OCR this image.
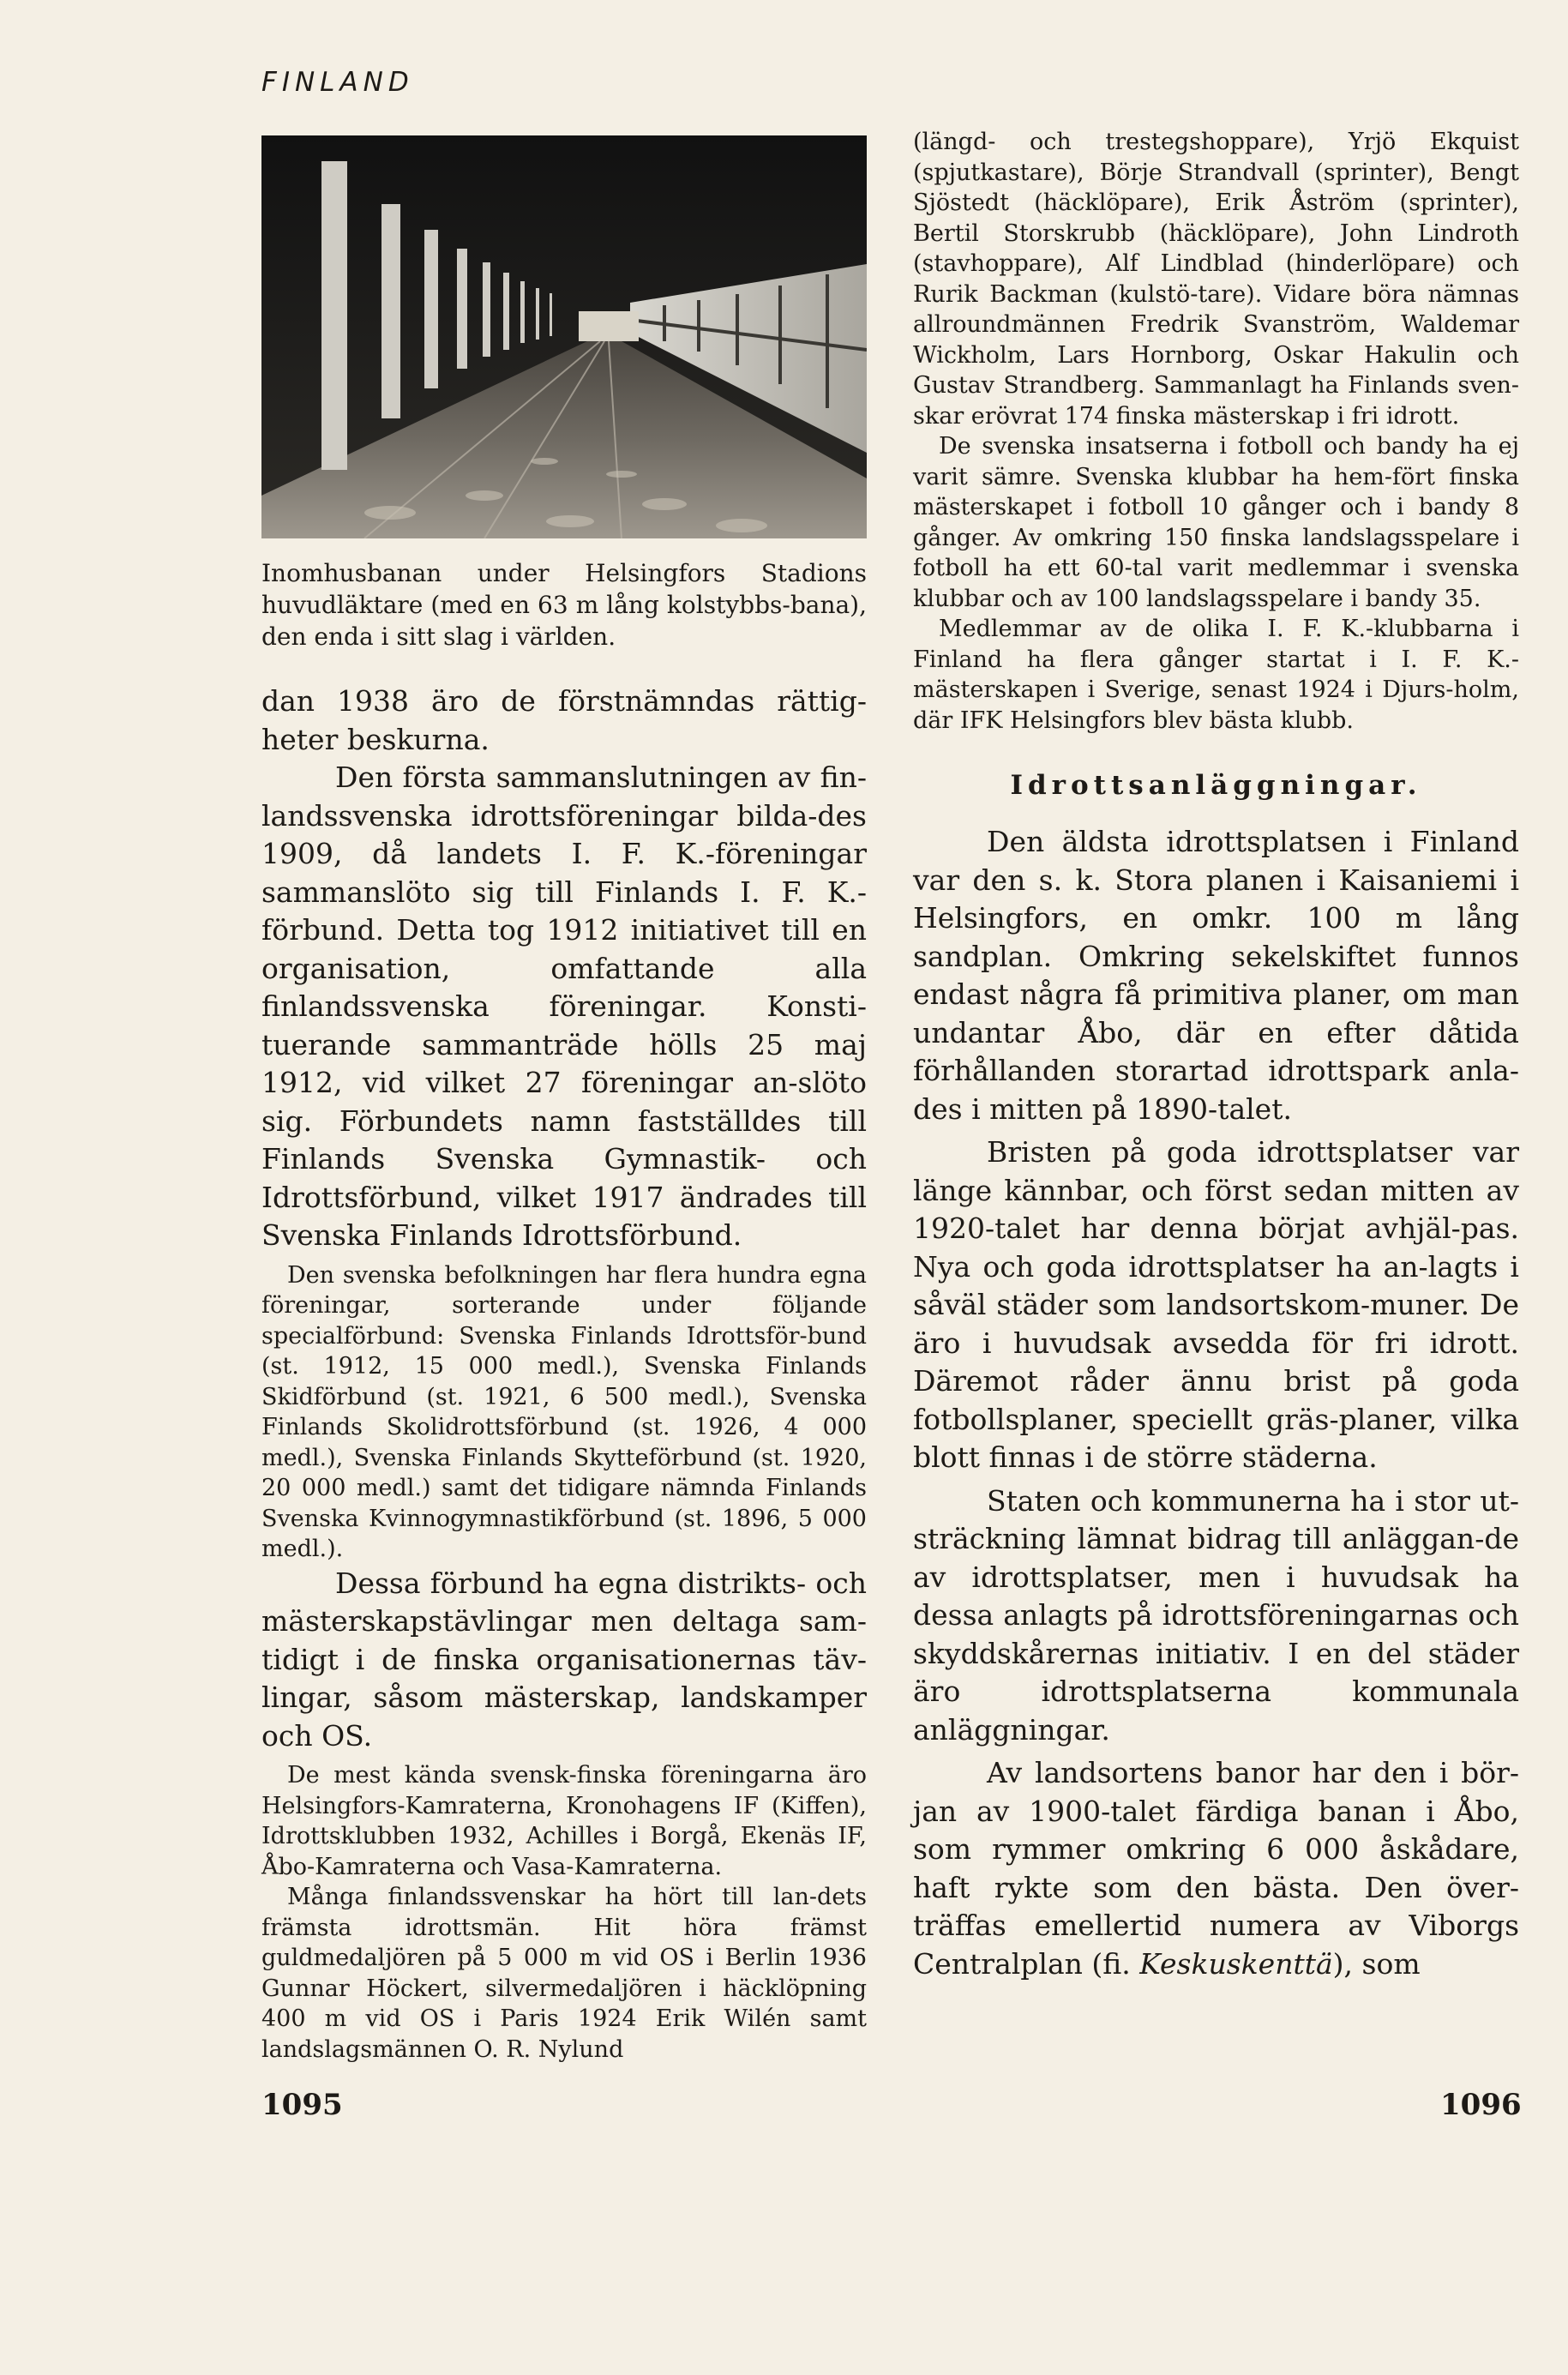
FINLAND
Inomhusbanan under Helsingfors Stadions huvudläktare (med en 63 m lång kolstybbs-bana), den enda i sitt slag i världen.

dan 1938 äro de förstnämndas rättig-heter beskurna.

Den första sammanslutningen av fin-landssvenska idrottsföreningar bilda-des 1909, då landets I. F. K.-föreningar sammanslöto sig till Finlands I. F. K.-förbund. Detta tog 1912 initiativet till en organisation, omfattande alla finlandssvenska föreningar. Konsti-tuerande sammanträde hölls 25 maj 1912, vid vilket 27 föreningar an-slöto sig. Förbundets namn fastställdes till Finlands Svenska Gymnastik- och Idrottsförbund, vilket 1917 ändrades till Svenska Finlands Idrottsförbund.

Den svenska befolkningen har flera hundra egna föreningar, sorterande under följande specialförbund: Svenska Finlands Idrottsför-bund (st. 1912, 15 000 medl.), Svenska Finlands Skidförbund (st. 1921, 6 500 medl.), Svenska Finlands Skolidrottsförbund (st. 1926, 4 000 medl.), Svenska Finlands Skytteförbund (st. 1920, 20 000 medl.) samt det tidigare nämnda Finlands Svenska Kvinnogymnastikförbund (st. 1896, 5 000 medl.).

Dessa förbund ha egna distrikts- och mästerskapstävlingar men deltaga sam-tidigt i de finska organisationernas täv-lingar, såsom mästerskap, landskamper och OS.

De mest kända svensk-finska föreningarna äro Helsingfors-Kamraterna, Kronohagens IF (Kiffen), Idrottsklubben 1932, Achilles i Borgå, Ekenäs IF, Åbo-Kamraterna och Vasa-Kamraterna.

Många finlandssvenskar ha hört till lan-dets främsta idrottsmän. Hit höra främst guldmedaljören på 5 000 m vid OS i Berlin 1936 Gunnar Höckert, silvermedaljören i häcklöpning 400 m vid OS i Paris 1924 Erik Wilén samt landslagsmännen O. R. Nylund

(längd- och trestegshoppare), Yrjö Ekquist (spjutkastare), Börje Strandvall (sprinter), Bengt Sjöstedt (häcklöpare), Erik Åström (sprinter), Bertil Storskrubb (häcklöpare), John Lindroth (stavhoppare), Alf Lindblad (hinderlöpare) och Rurik Backman (kulstö-tare). Vidare böra nämnas allroundmännen Fredrik Svanström, Waldemar Wickholm, Lars Hornborg, Oskar Hakulin och Gustav Strandberg. Sammanlagt ha Finlands sven-skar erövrat 174 finska mästerskap i fri idrott.

De svenska insatserna i fotboll och bandy ha ej varit sämre. Svenska klubbar ha hem-fört finska mästerskapet i fotboll 10 gånger och i bandy 8 gånger. Av omkring 150 finska landslagsspelare i fotboll ha ett 60-tal varit medlemmar i svenska klubbar och av 100 landslagsspelare i bandy 35.

Medlemmar av de olika I. F. K.-klubbarna i Finland ha flera gånger startat i I. F. K.-mästerskapen i Sverige, senast 1924 i Djurs-holm, där IFK Helsingfors blev bästa klubb.

Idrottsanläggningar.

Den äldsta idrottsplatsen i Finland var den s. k. Stora planen i Kaisaniemi i Helsingfors, en omkr. 100 m lång sandplan. Omkring sekelskiftet funnos endast några få primitiva planer, om man undantar Åbo, där en efter dåtida förhållanden storartad idrottspark anla-des i mitten på 1890-talet.

Bristen på goda idrottsplatser var länge kännbar, och först sedan mitten av 1920-talet har denna börjat avhjäl-pas. Nya och goda idrottsplatser ha an-lagts i såväl städer som landsortskom-muner. De äro i huvudsak avsedda för fri idrott. Däremot råder ännu brist på goda fotbollsplaner, speciellt gräs-planer, vilka blott finnas i de större städerna.

Staten och kommunerna ha i stor ut-sträckning lämnat bidrag till anläggan-de av idrottsplatser, men i huvudsak ha dessa anlagts på idrottsföreningarnas och skyddskårernas initiativ. I en del städer äro idrottsplatserna kommunala anläggningar.

Av landsortens banor har den i bör-jan av 1900-talet färdiga banan i Åbo, som rymmer omkring 6 000 åskådare, haft rykte som den bästa. Den över-träffas emellertid numera av Viborgs Centralplan (fi. Keskuskenttä), som

1095	1096
